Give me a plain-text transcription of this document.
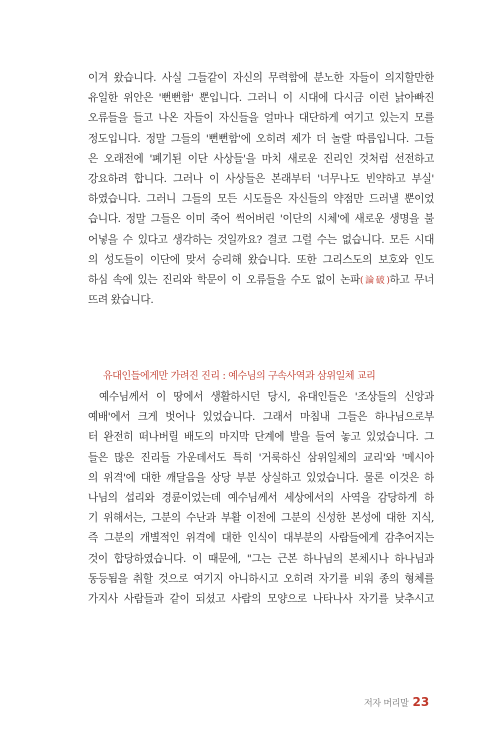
이겨 왔습니다. 사실 그들같이 자신의 무력함에 분노한 자들이 의지할만한
유일한 위안은 '뻔뻔함' 뿐입니다. 그러니 이 시대에 다시금 이런 낡아빠진
오류들을 들고 나온 자들이 자신들을 얼마나 대단하게 여기고 있는지 모를
정도입니다. 정말 그들의 '뻔뻔함'에 오히려 제가 더 놀랄 따름입니다. 그들
은 오래전에 '폐기된 이단 사상들'을 마치 새로운 진리인 것처럼 선전하고
강요하려 합니다. 그러나 이 사상들은 본래부터 '너무나도 빈약하고 부실'
하였습니다. 그러니 그들의 모든 시도들은 자신들의 약점만 드러낼 뿐이었
습니다. 정말 그들은 이미 죽어 썩어버린 '이단의 시체'에 새로운 생명을 불
어넣을 수 있다고 생각하는 것일까요? 결코 그럴 수는 없습니다. 모든 시대
의 성도들이 이단에 맞서 승리해 왔습니다. 또한 그리스도의 보호와 인도
하심 속에 있는 진리와 학문이 이 오류들을 수도 없이 논파(論破)하고 무너
뜨려 왔습니다.
유대인들에게만 가려진 진리 : 예수님의 구속사역과 삼위일체 교리
예수님께서 이 땅에서 생활하시던 당시, 유대인들은 '조상들의 신앙과
예배'에서 크게 벗어나 있었습니다. 그래서 마침내 그들은 하나님으로부
터 완전히 떠나버릴 배도의 마지막 단계에 발을 들여 놓고 있었습니다. 그
들은 많은 진리들 가운데서도 특히 '거룩하신 삼위일체의 교리'와 '메시아
의 위격'에 대한 깨달음을 상당 부분 상실하고 있었습니다. 물론 이것은 하
나님의 섭리와 경륜이었는데 예수님께서 세상에서의 사역을 감당하게 하
기 위해서는, 그분의 수난과 부활 이전에 그분의 신성한 본성에 대한 지식,
즉 그분의 개별적인 위격에 대한 인식이 대부분의 사람들에게 감추어지는
것이 합당하였습니다. 이 때문에, "그는 근본 하나님의 본체시나 하나님과
동등됨을 취할 것으로 여기지 아니하시고 오히려 자기를 비워 종의 형체를
가지사 사람들과 같이 되셨고 사람의 모양으로 나타나사 자기를 낮추시고
저자 머리말 23
